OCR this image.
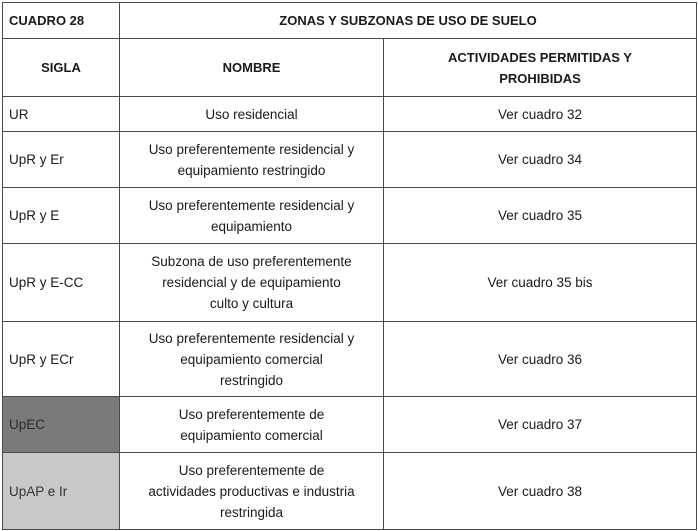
CUADRO 28	ZONAS Y SUBZONAS DE USO DE SUELO	
SIGLA	NOMBRE	ACTIVIDADES PERMITIDAS Y
PROHIBIDAS

UR	Uso residencial	Ver cuadro 32
UpR y Er	Uso preferentemente residencial y
equipamiento restringido	Ver cuadro 34
UpR y E	Uso preferentemente residencial y
equipamiento	Ver cuadro 35
UpR y E-CC	Subzona de uso preferentemente
residencial y de equipamiento
culto y cultura	Ver cuadro 35 bis
UpR y ECr	Uso preferentemente residencial y
equipamiento comercial
restringido	Ver cuadro 36
UpEC	Uso preferentemente de
equipamiento comercial	Ver cuadro 37
UpAP e Ir	Uso preferentemente de
actividades productivas e industria
restringida	Ver cuadro 38
